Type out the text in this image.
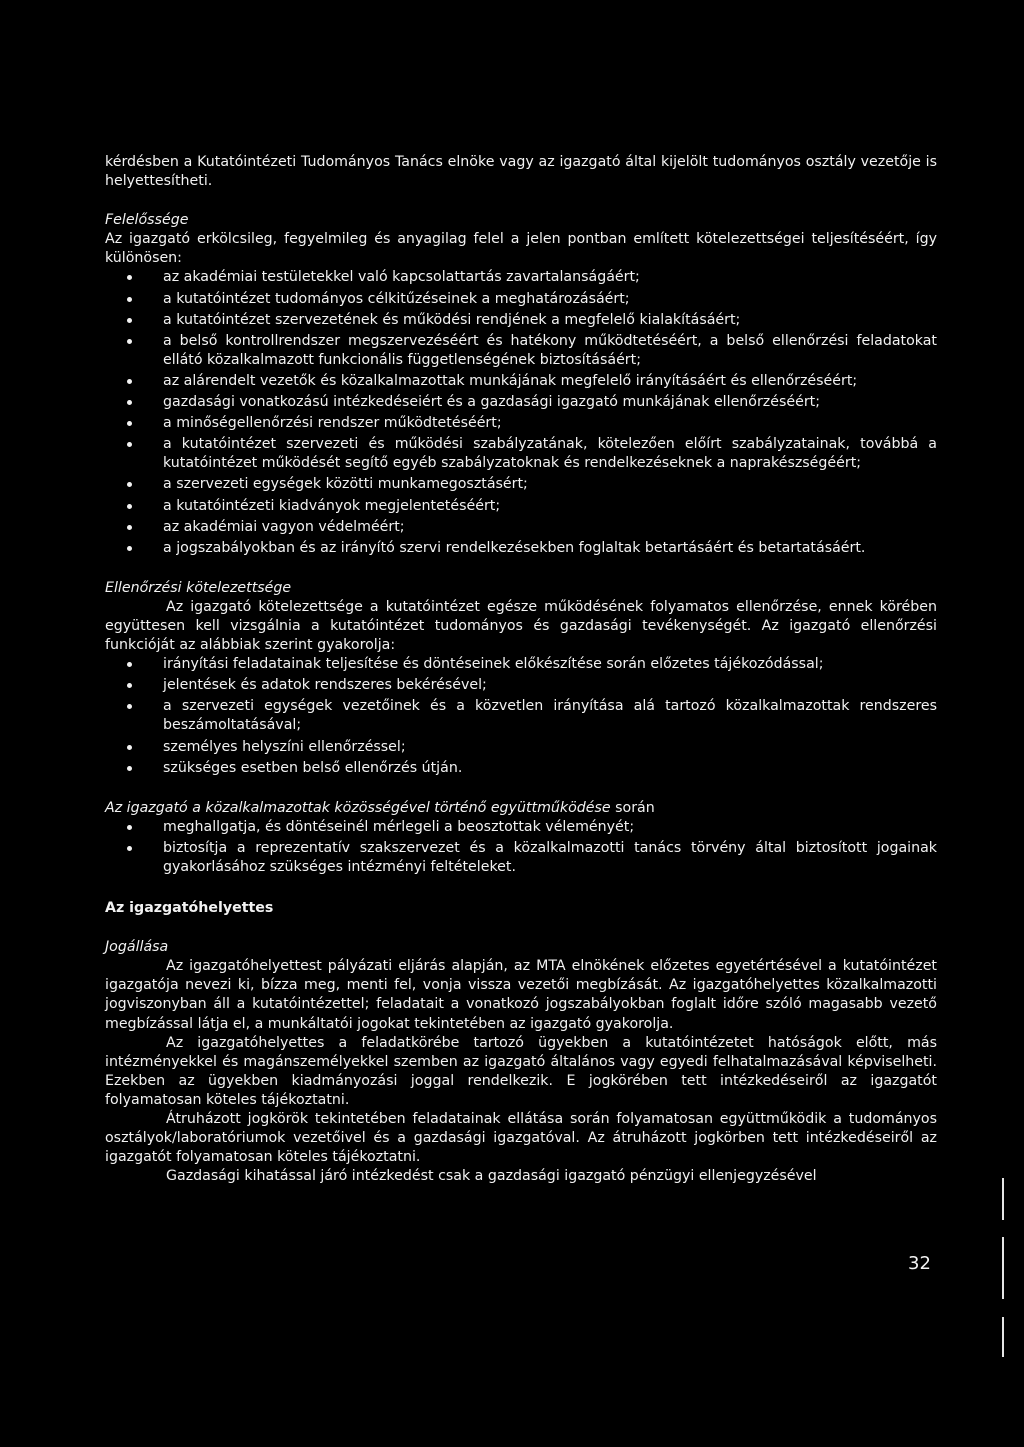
kérdésben a Kutatóintézeti Tudományos Tanács elnöke vagy az igazgató által kijelölt tudományos osztály vezetője is helyettesítheti.

Felelőssége

Az igazgató erkölcsileg, fegyelmileg és anyagilag felel a jelen pontban említett kötelezettségei teljesítéséért, így különösen:

az akadémiai testületekkel való kapcsolattartás zavartalanságáért;
a kutatóintézet tudományos célkitűzéseinek a meghatározásáért;
a kutatóintézet szervezetének és működési rendjének a megfelelő kialakításáért;
a belső kontrollrendszer megszervezéséért és hatékony működtetéséért, a belső ellenőrzési feladatokat ellátó közalkalmazott funkcionális függetlenségének biztosításáért;
az alárendelt vezetők és közalkalmazottak munkájának megfelelő irányításáért és ellenőrzéséért;
gazdasági vonatkozású intézkedéseiért és a gazdasági igazgató munkájának ellenőrzéséért;
a minőségellenőrzési rendszer működtetéséért;
a kutatóintézet szervezeti és működési szabályzatának, kötelezően előírt szabályzatainak, továbbá a kutatóintézet működését segítő egyéb szabályzatoknak és rendelkezéseknek a naprakészségéért;
a szervezeti egységek közötti munkamegosztásért;
a kutatóintézeti kiadványok megjelentetéséért;
az akadémiai vagyon védelméért;
a jogszabályokban és az irányító szervi rendelkezésekben foglaltak betartásáért és betartatásáért.
Ellenőrzési kötelezettsége

Az igazgató kötelezettsége a kutatóintézet egésze működésének folyamatos ellenőrzése, ennek körében együttesen kell vizsgálnia a kutatóintézet tudományos és gazdasági tevékenységét. Az igazgató ellenőrzési funkcióját az alábbiak szerint gyakorolja:

irányítási feladatainak teljesítése és döntéseinek előkészítése során előzetes tájékozódással;
jelentések és adatok rendszeres bekérésével;
a szervezeti egységek vezetőinek és a közvetlen irányítása alá tartozó közalkalmazottak rendszeres beszámoltatásával;
személyes helyszíni ellenőrzéssel;
szükséges esetben belső ellenőrzés útján.

Az igazgató a közalkalmazottak közösségével történő együttműködése során

meghallgatja, és döntéseinél mérlegeli a beosztottak véleményét;
biztosítja a reprezentatív szakszervezet és a közalkalmazotti tanács törvény által biztosított jogainak gyakorlásához szükséges intézményi feltételeket.
Az igazgatóhelyettes
Jogállása

Az igazgatóhelyettest pályázati eljárás alapján, az MTA elnökének előzetes egyetértésével a kutatóintézet igazgatója nevezi ki, bízza meg, menti fel, vonja vissza vezetői megbízását. Az igazgatóhelyettes közalkalmazotti jogviszonyban áll a kutatóintézettel; feladatait a vonatkozó jogszabályokban foglalt időre szóló magasabb vezető megbízással látja el, a munkáltatói jogokat tekintetében az igazgató gyakorolja.

Az igazgatóhelyettes a feladatkörébe tartozó ügyekben a kutatóintézetet hatóságok előtt, más intézményekkel és magánszemélyekkel szemben az igazgató általános vagy egyedi felhatalmazásával képviselheti. Ezekben az ügyekben kiadmányozási joggal rendelkezik. E jogkörében tett intézkedéseiről az igazgatót folyamatosan köteles tájékoztatni.

Átruházott jogkörök tekintetében feladatainak ellátása során folyamatosan együttműködik a tudományos osztályok/laboratóriumok vezetőivel és a gazdasági igazgatóval. Az átruházott jogkörben tett intézkedéseiről az igazgatót folyamatosan köteles tájékoztatni.

Gazdasági kihatással járó intézkedést csak a gazdasági igazgató pénzügyi ellenjegyzésével

32
